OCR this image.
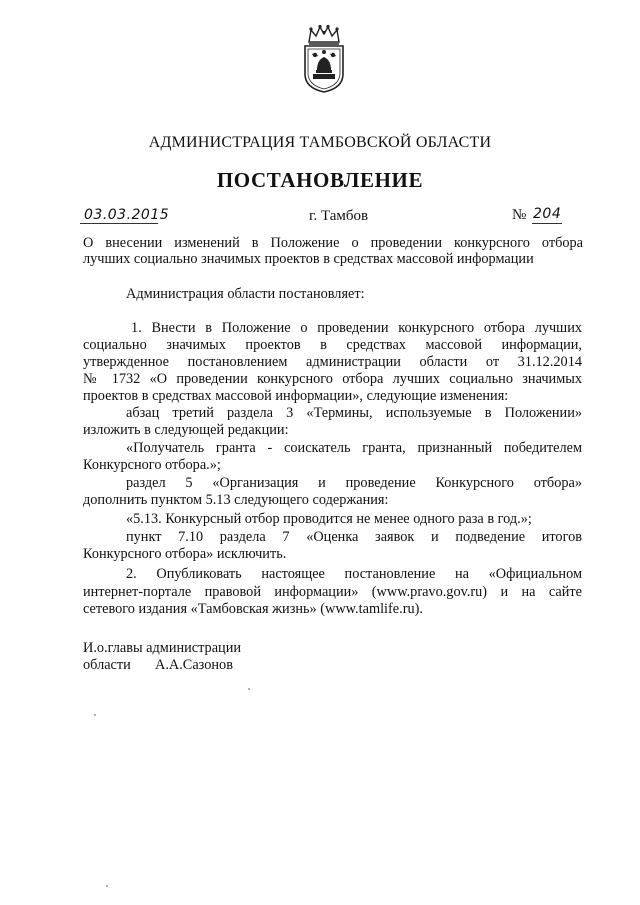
АДМИНИСТРАЦИЯ ТАМБОВСКОЙ ОБЛАСТИ
ПОСТАНОВЛЕНИЕ
03.03.2015	г. Тамбов	№ 204
О внесении изменений в Положение о проведении конкурсного отбора
лучших социально значимых проектов в средствах массовой информации
Администрация области постановляет:
1. Внести в Положение о проведении конкурсного отбора лучших
социально значимых проектов в средствах массовой информации,
утвержденное постановлением администрации области от 31.12.2014
№ 1732 «О проведении конкурсного отбора лучших социально значимых
проектов в средствах массовой информации», следующие изменения:
абзац третий раздела 3 «Термины, используемые в Положении»
изложить в следующей редакции:
«Получатель гранта - соискатель гранта, признанный победителем
Конкурсного отбора.»;
раздел 5 «Организация и проведение Конкурсного отбора»
дополнить пунктом 5.13 следующего содержания:
«5.13. Конкурсный отбор проводится не менее одного раза в год.»;
пункт 7.10 раздела 7 «Оценка заявок и подведение итогов
Конкурсного отбора» исключить.
2. Опубликовать настоящее постановление на «Официальном
интернет-портале правовой информации» (www.pravo.gov.ru) и на сайте
сетевого издания «Тамбовская жизнь» (www.tamlife.ru).
И.о.главы администрации
области А.А.Сазонов
